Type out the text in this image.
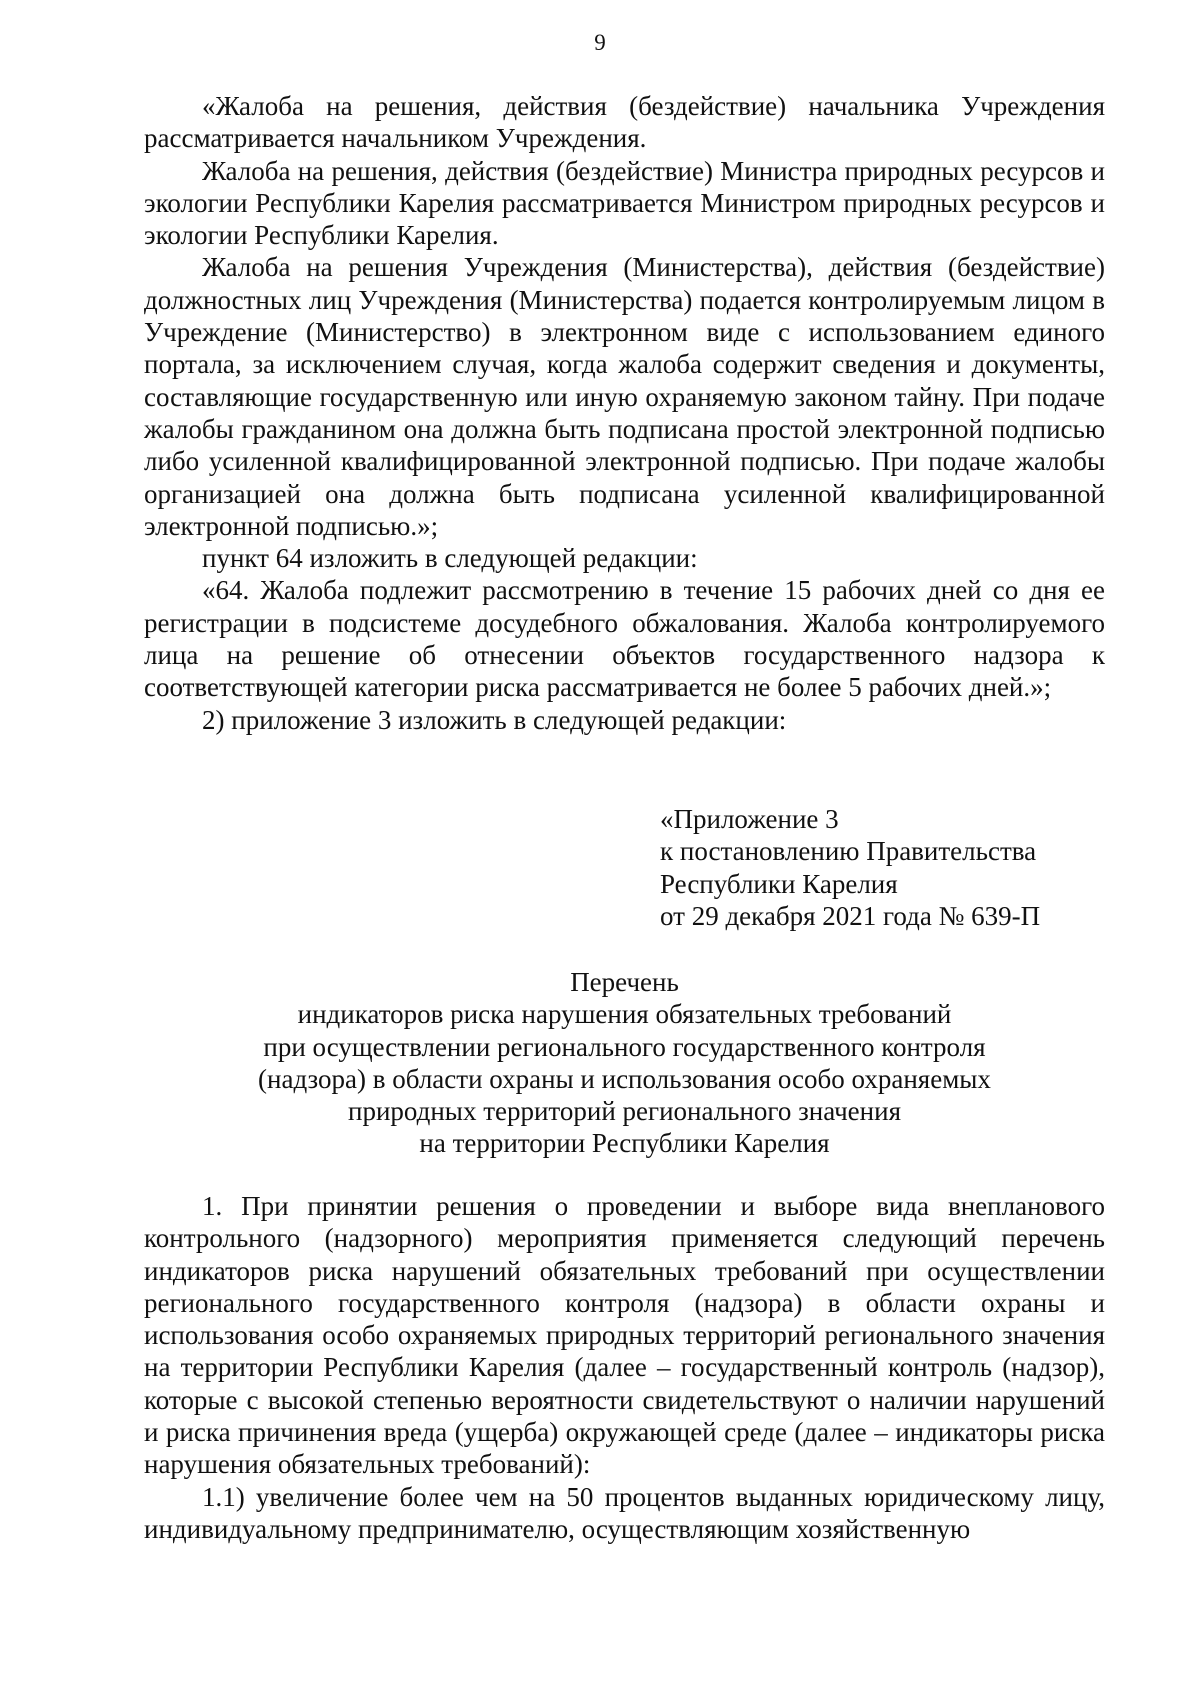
9

«Жалоба на решения, действия (бездействие) начальника Учреждения рассматривается начальником Учреждения.

Жалоба на решения, действия (бездействие) Министра природных ресурсов и экологии Республики Карелия рассматривается Министром природных ресурсов и экологии Республики Карелия.

Жалоба на решения Учреждения (Министерства), действия (бездействие) должностных лиц Учреждения (Министерства) подается контролируемым лицом в Учреждение (Министерство) в электронном виде с использованием единого портала, за исключением случая, когда жалоба содержит сведения и документы, составляющие государственную или иную охраняемую законом тайну. При подаче жалобы гражданином она должна быть подписана простой электронной подписью либо усиленной квалифицированной электронной подписью. При подаче жалобы организацией она должна быть подписана усиленной квалифицированной электронной подписью.»;

пункт 64 изложить в следующей редакции:

«64. Жалоба подлежит рассмотрению в течение 15 рабочих дней со дня ее регистрации в подсистеме досудебного обжалования. Жалоба контролируемого лица на решение об отнесении объектов государственного надзора к соответствующей категории риска рассматривается не более 5 рабочих дней.»;

2) приложение 3 изложить в следующей редакции:

«Приложение 3
к постановлению Правительства
Республики Карелия
от 29 декабря 2021 года № 639-П
Перечень
индикаторов риска нарушения обязательных требований
при осуществлении регионального государственного контроля
(надзора) в области охраны и использования особо охраняемых
природных территорий регионального значения
на территории Республики Карелия

1. При принятии решения о проведении и выборе вида внепланового контрольного (надзорного) мероприятия применяется следующий перечень индикаторов риска нарушений обязательных требований при осуществлении регионального государственного контроля (надзора) в области охраны и использования особо охраняемых природных территорий регионального значения на территории Республики Карелия (далее – государственный контроль (надзор), которые с высокой степенью вероятности свидетельствуют о наличии нарушений и риска причинения вреда (ущерба) окружающей среде (далее – индикаторы риска нарушения обязательных требований):

1.1) увеличение более чем на 50 процентов выданных юридическому лицу, индивидуальному предпринимателю, осуществляющим хозяйственную
